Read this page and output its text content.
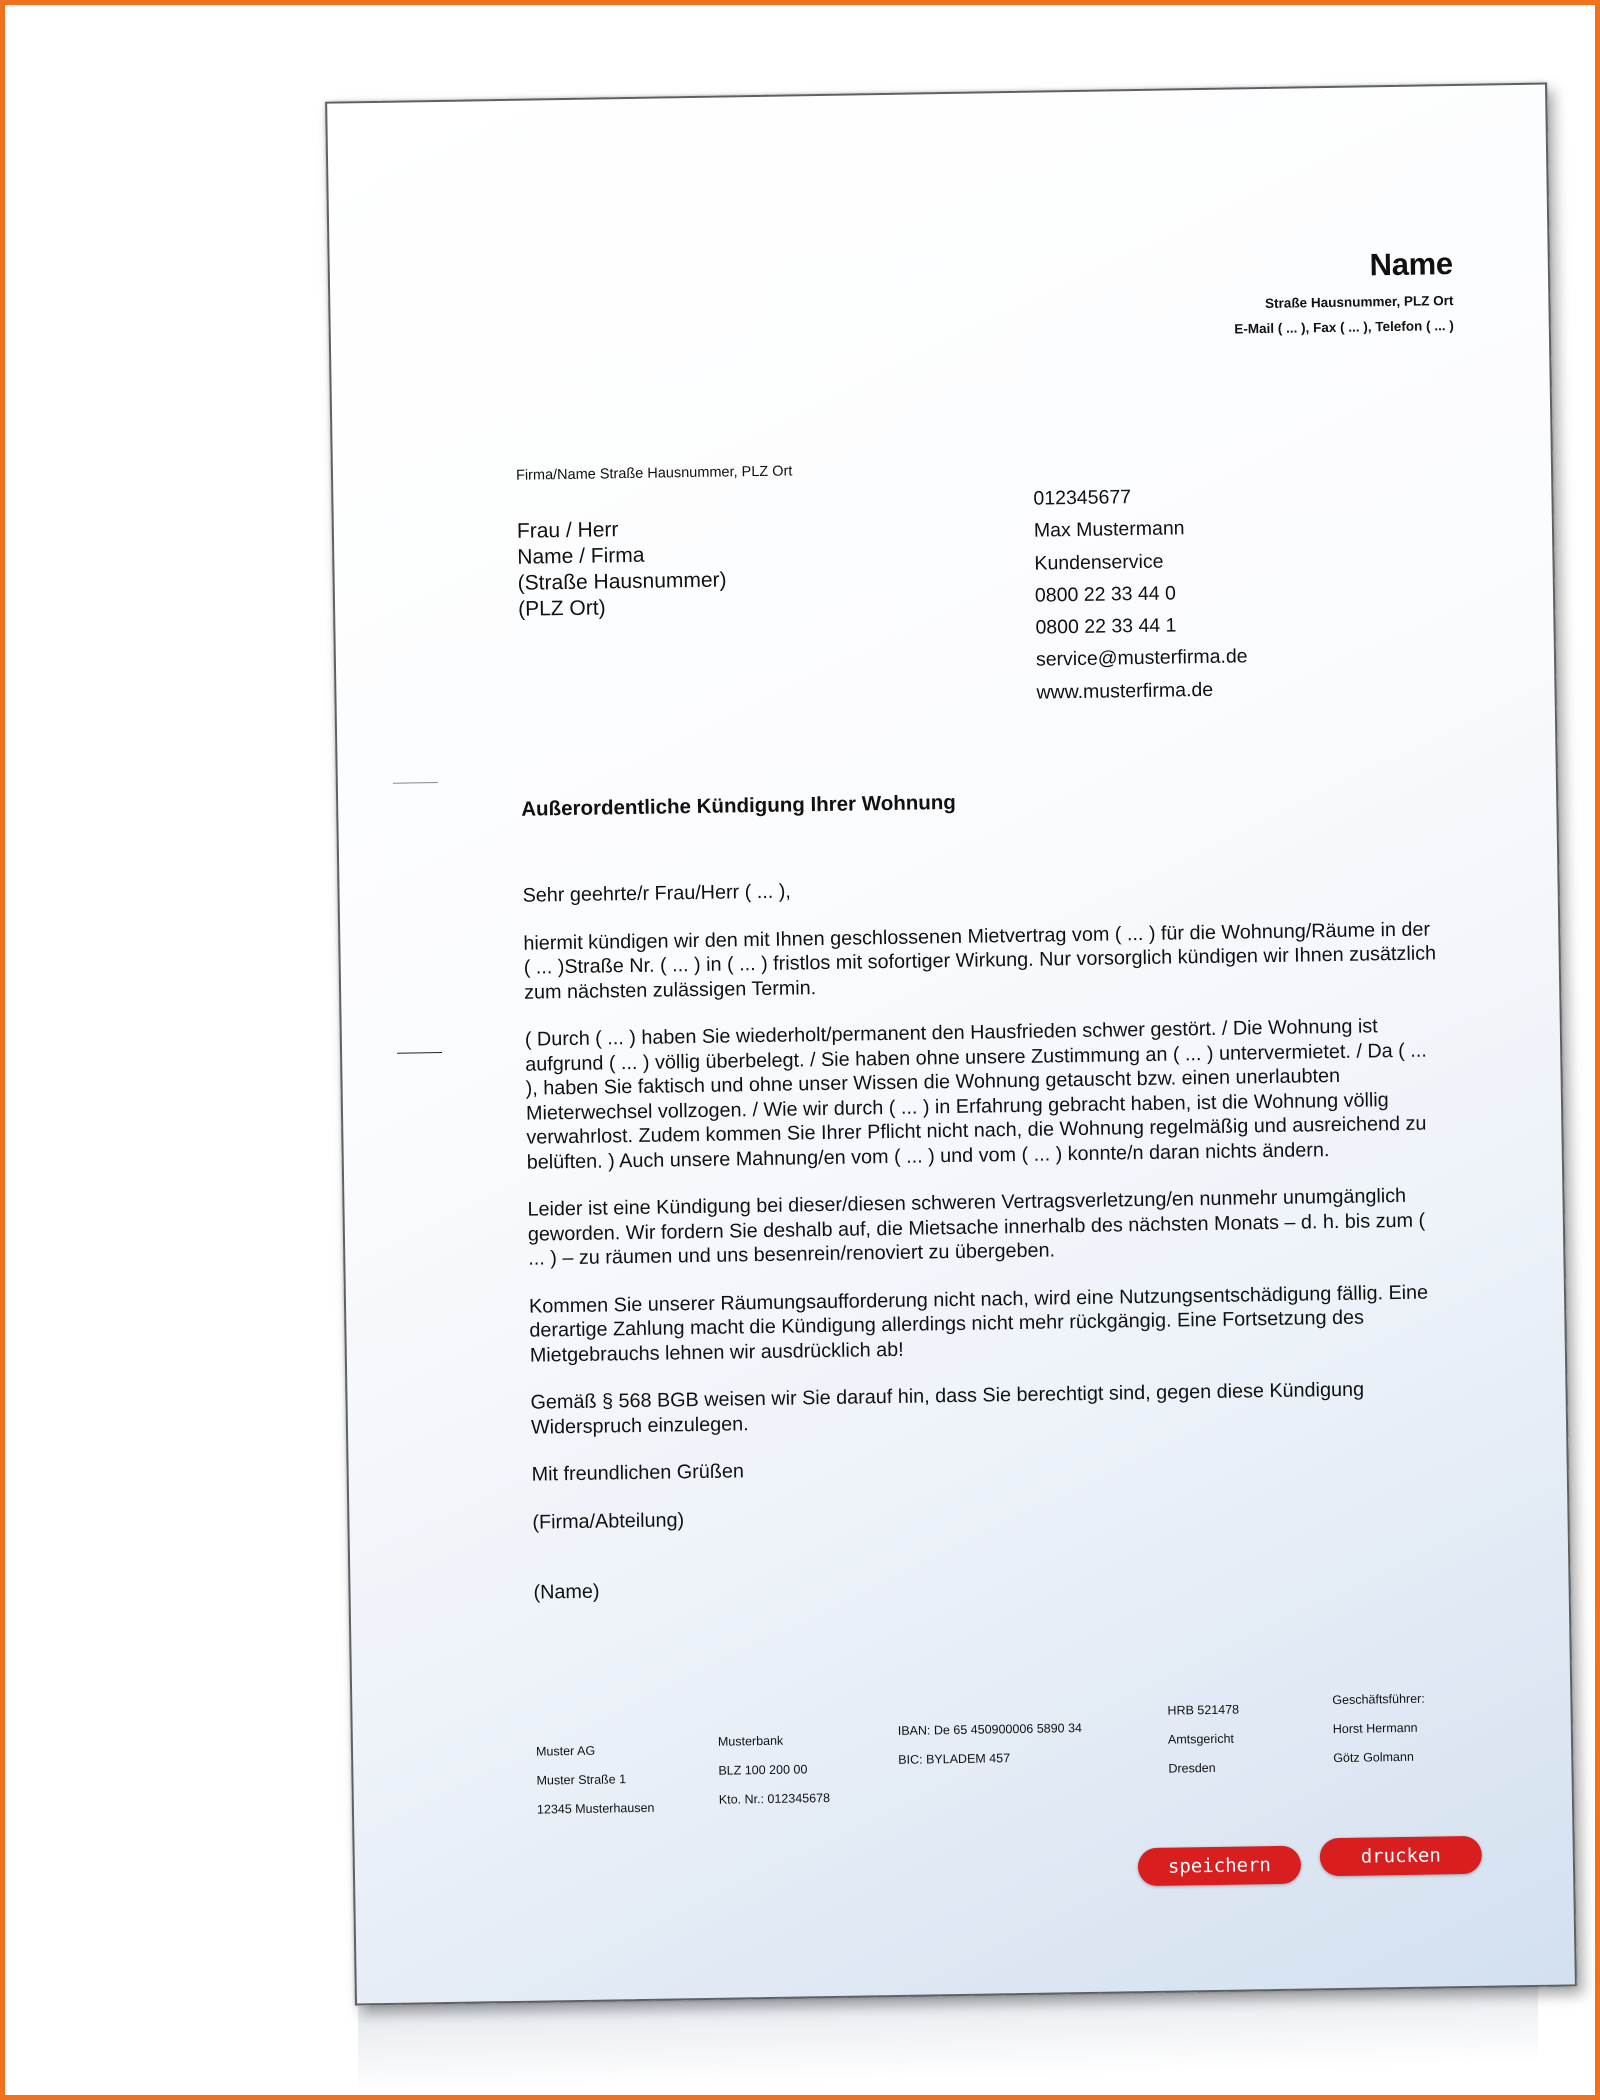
Name
Straße Hausnummer, PLZ Ort
E-Mail ( ... ), Fax ( ... ), Telefon ( ... )
Firma/Name Straße Hausnummer, PLZ Ort
Frau / Herr
Name / Firma
(Straße Hausnummer)
(PLZ Ort)
012345677
Max Mustermann
Kundenservice
0800 22 33 44 0
0800 22 33 44 1
service@musterfirma.de
www.musterfirma.de
Außerordentliche Kündigung Ihrer Wohnung

Sehr geehrte/r Frau/Herr ( ... ),

hiermit kündigen wir den mit Ihnen geschlossenen Mietvertrag vom ( ... ) für die Wohnung/Räume in der ( ... )Straße Nr. ( ... ) in ( ... ) fristlos mit sofortiger Wirkung. Nur vorsorglich kündigen wir Ihnen zusätzlich zum nächsten zulässigen Termin.

( Durch ( ... ) haben Sie wiederholt/permanent den Hausfrieden schwer gestört. / Die Wohnung ist aufgrund ( ... ) völlig überbelegt. / Sie haben ohne unsere Zustimmung an ( ... ) untervermietet. / Da ( ... ), haben Sie faktisch und ohne unser Wissen die Wohnung getauscht bzw. einen unerlaubten Mieterwechsel vollzogen. / Wie wir durch ( ... ) in Erfahrung gebracht haben, ist die Wohnung völlig verwahrlost. Zudem kommen Sie Ihrer Pflicht nicht nach, die Wohnung regelmäßig und ausreichend zu belüften. ) Auch unsere Mahnung/en vom ( ... ) und vom ( ... ) konnte/n daran nichts ändern.

Leider ist eine Kündigung bei dieser/diesen schweren Vertragsverletzung/en nunmehr unumgänglich geworden. Wir fordern Sie deshalb auf, die Mietsache innerhalb des nächsten Monats – d. h. bis zum ( ... ) – zu räumen und uns besenrein/renoviert zu übergeben.

Kommen Sie unserer Räumungsaufforderung nicht nach, wird eine Nutzungsentschädigung fällig. Eine derartige Zahlung macht die Kündigung allerdings nicht mehr rückgängig. Eine Fortsetzung des Mietgebrauchs lehnen wir ausdrücklich ab!

Gemäß § 568 BGB weisen wir Sie darauf hin, dass Sie berechtigt sind, gegen diese Kündigung Widerspruch einzulegen.

Mit freundlichen Grüßen

(Firma/Abteilung)

(Name)

Muster AG
Muster Straße 1
12345 Musterhausen
Musterbank
BLZ 100 200 00
Kto. Nr.: 012345678
IBAN: De 65 450900006 5890 34
BIC: BYLADEM 457
HRB 521478
Amtsgericht
Dresden
Geschäftsführer:
Horst Hermann
Götz Golmann
speichern	drucken
